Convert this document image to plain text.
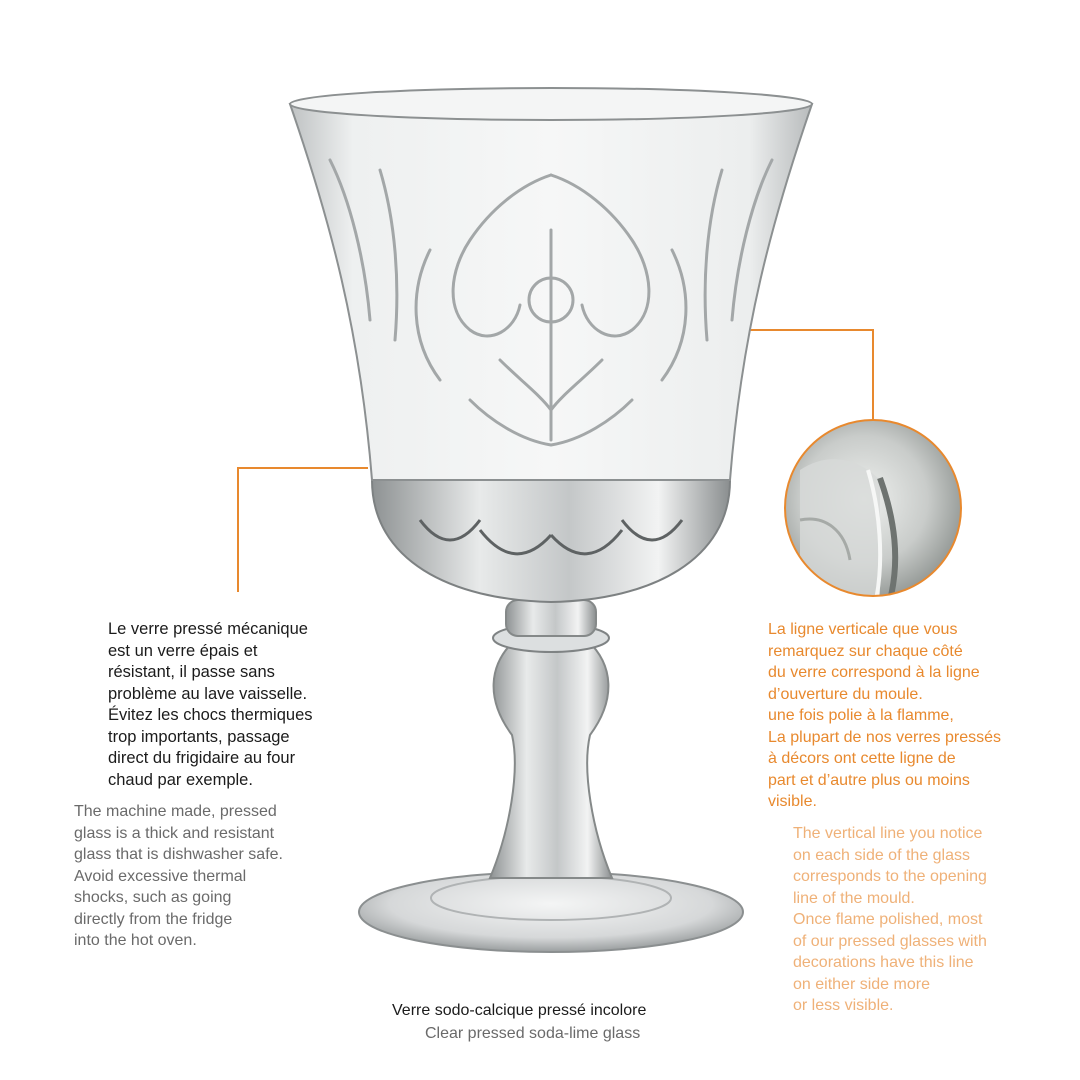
Le verre pressé mécanique
est un verre épais et
résistant, il passe sans
problème au lave vaisselle.
Évitez les chocs thermiques
trop importants, passage
direct du frigidaire au four
chaud par exemple.
The machine made, pressed
glass is a thick and resistant
glass that is dishwasher safe.
Avoid excessive thermal
shocks, such as going
directly from the fridge
into the hot oven.
La ligne verticale que vous
remarquez sur chaque côté
du verre correspond à la ligne
d’ouverture du moule.
une fois polie à la flamme,
La plupart de nos verres pressés
à décors ont cette ligne de
part et d’autre plus ou moins
visible.
The vertical line you notice
on each side of the glass
corresponds to the opening
line of the mould.
Once flame polished, most
of our pressed glasses with
decorations have this line
on either side more
or less visible.
Verre sodo-calcique pressé incolore
Clear pressed soda-lime glass
